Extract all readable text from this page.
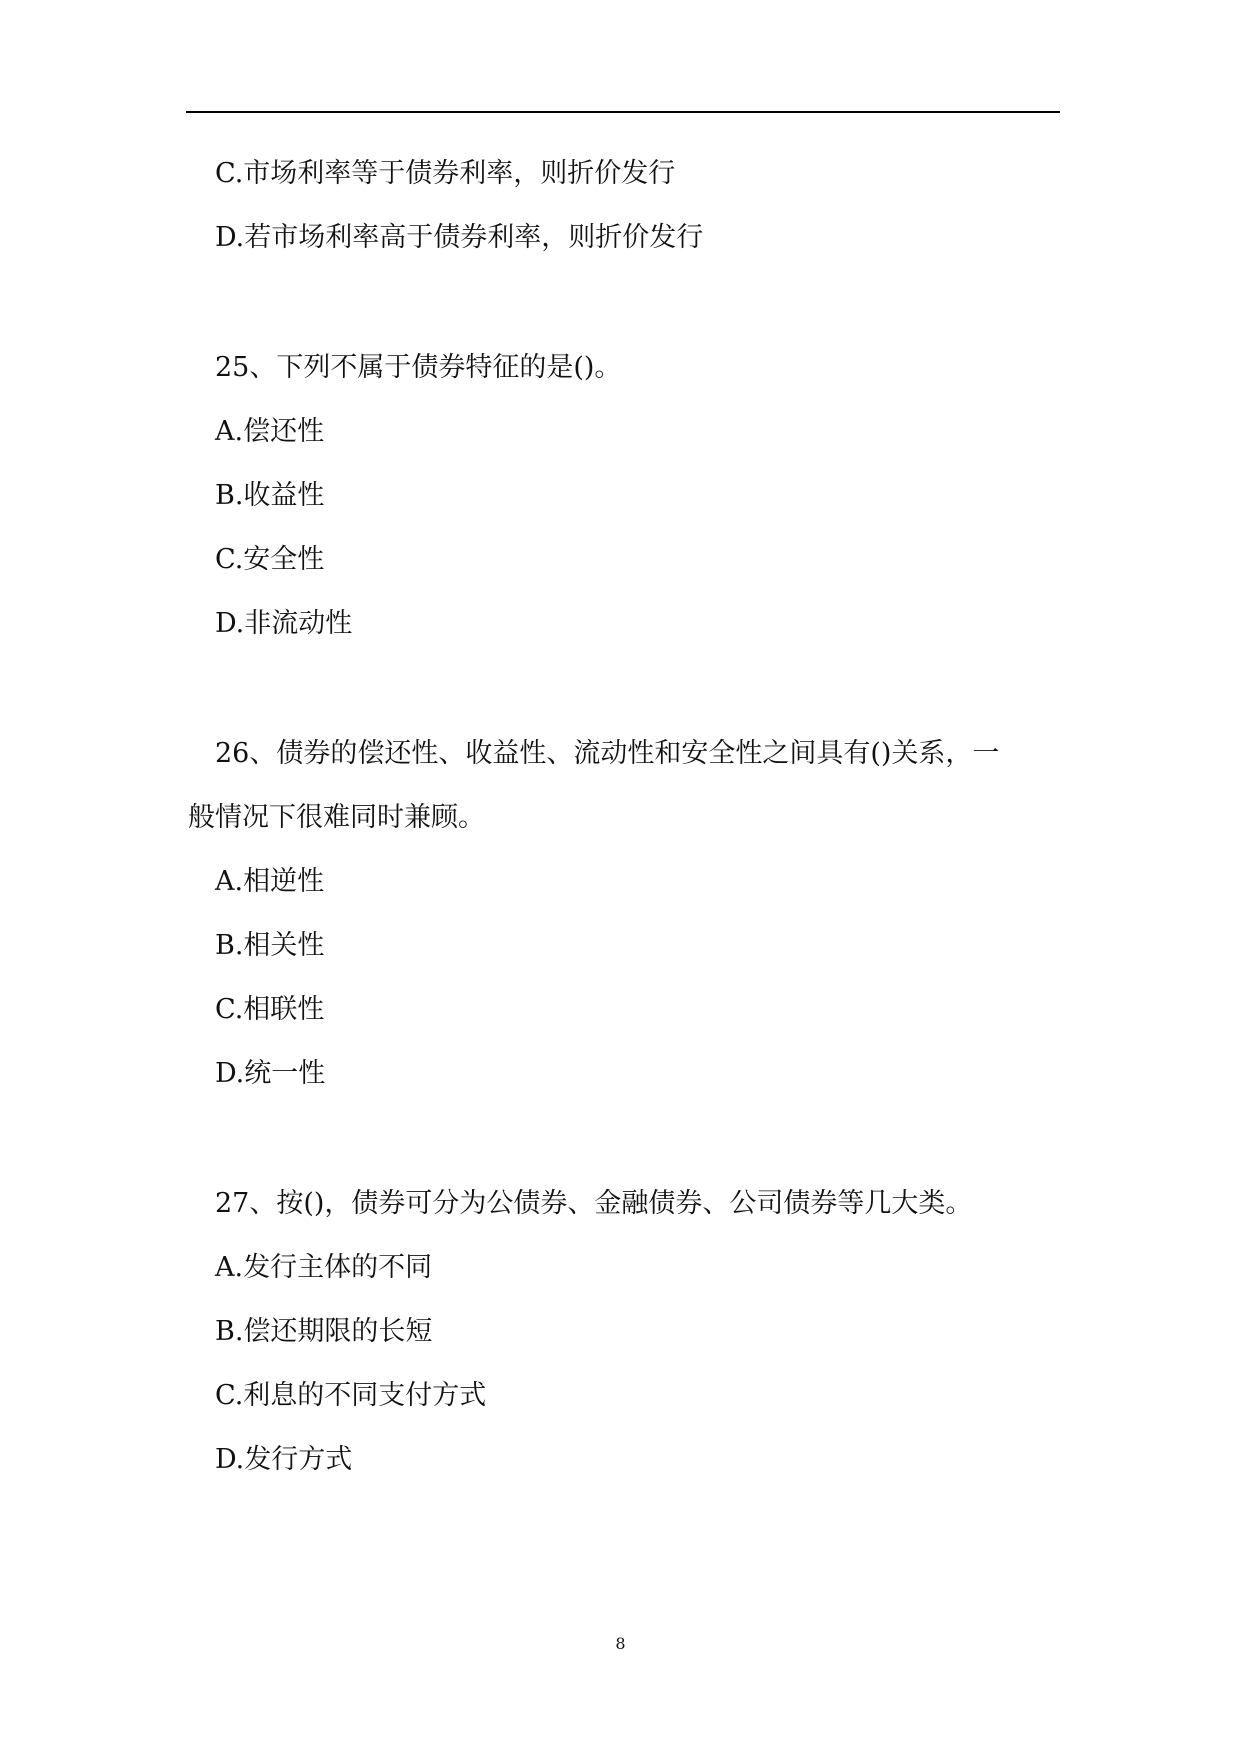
C.市场利率等于债券利率，则折价发行
D.若市场利率高于债券利率，则折价发行
25、下列不属于债券特征的是()。
A.偿还性
B.收益性
C.安全性
D.非流动性
26、债券的偿还性、收益性、流动性和安全性之间具有()关系，一
般情况下很难同时兼顾。
A.相逆性
B.相关性
C.相联性
D.统一性
27、按()，债券可分为公债券、金融债券、公司债券等几大类。
A.发行主体的不同
B.偿还期限的长短
C.利息的不同支付方式
D.发行方式
8
